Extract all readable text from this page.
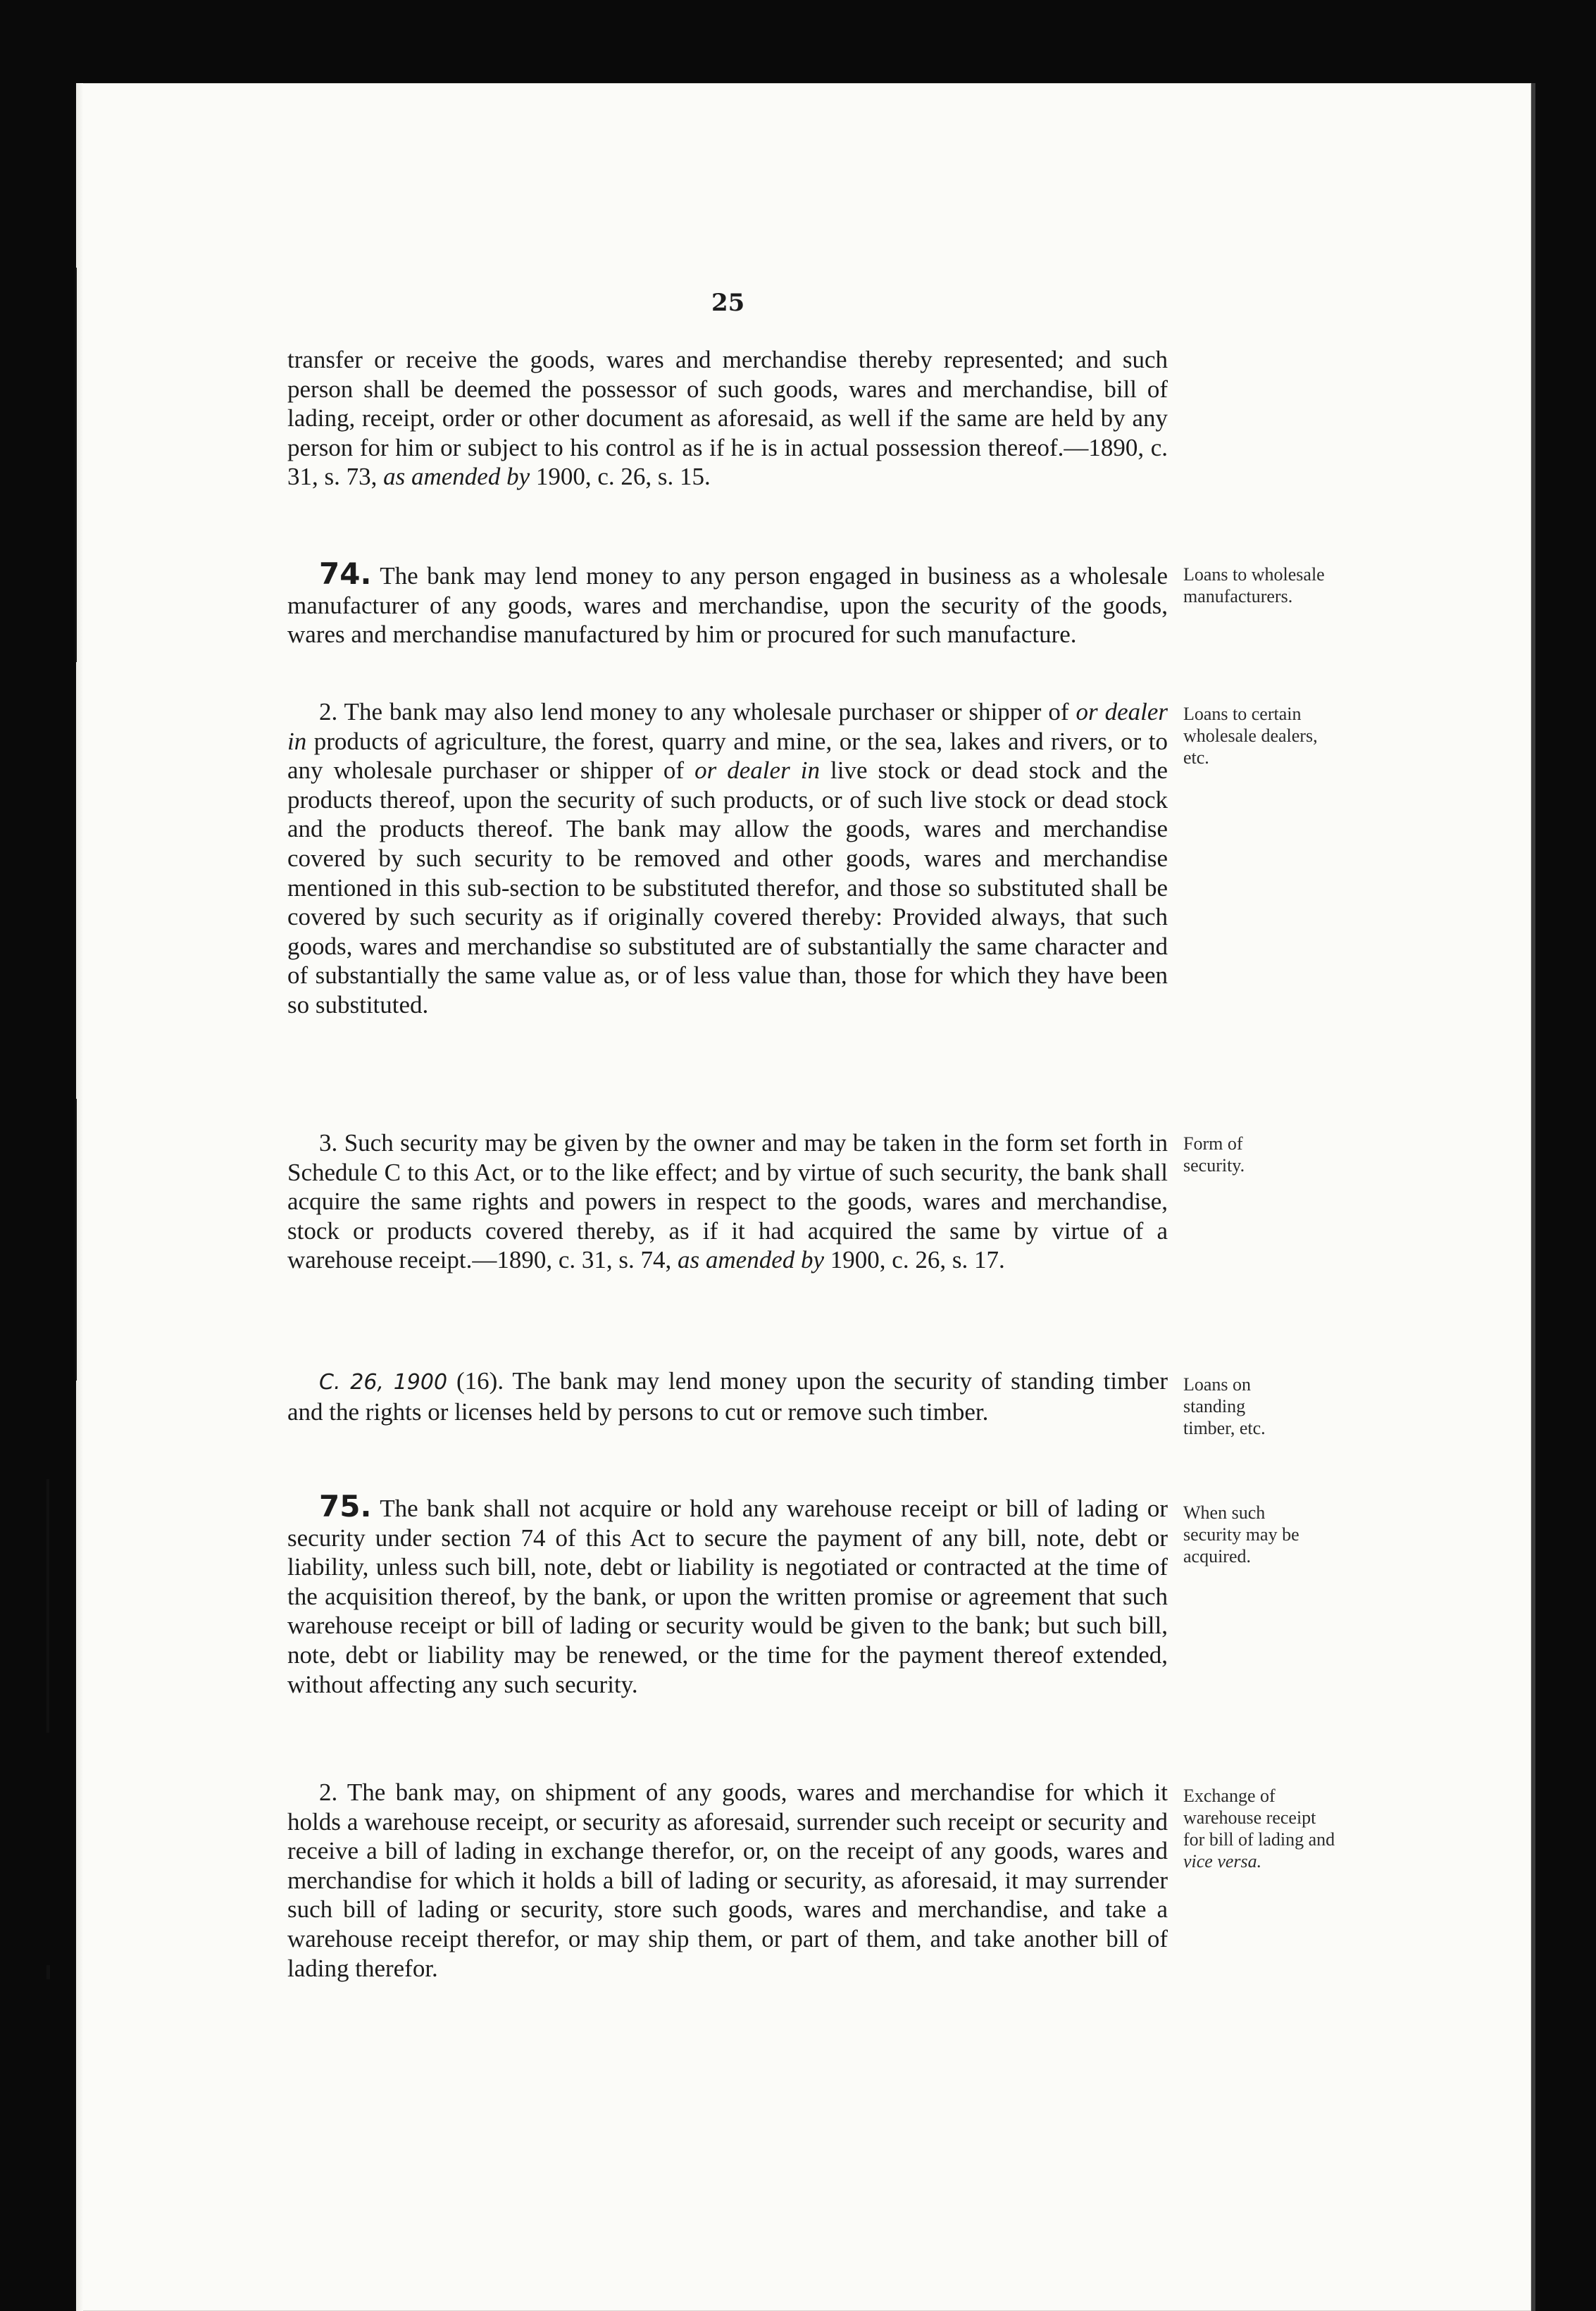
25

transfer or receive the goods, wares and merchandise thereby represented; and such person shall be deemed the possessor of such goods, wares and merchandise, bill of lading, receipt, order or other document as aforesaid, as well if the same are held by any person for him or subject to his control as if he is in actual possession thereof.—1890, c. 31, s. 73, as amended by 1900, c. 26, s. 15.

74. The bank may lend money to any person engaged in business as a wholesale manufacturer of any goods, wares and merchandise, upon the security of the goods, wares and merchandise manufactured by him or procured for such manufacture.

2. The bank may also lend money to any wholesale purchaser or shipper of or dealer in products of agriculture, the forest, quarry and mine, or the sea, lakes and rivers, or to any wholesale purchaser or shipper of or dealer in live stock or dead stock and the products thereof, upon the security of such products, or of such live stock or dead stock and the products thereof. The bank may allow the goods, wares and merchandise covered by such security to be removed and other goods, wares and merchandise mentioned in this sub-section to be substituted therefor, and those so substituted shall be covered by such security as if originally covered thereby: Provided always, that such goods, wares and merchandise so substituted are of substantially the same character and of substantially the same value as, or of less value than, those for which they have been so substituted.

3. Such security may be given by the owner and may be taken in the form set forth in Schedule C to this Act, or to the like effect; and by virtue of such security, the bank shall acquire the same rights and powers in respect to the goods, wares and merchandise, stock or products covered thereby, as if it had acquired the same by virtue of a warehouse receipt.—1890, c. 31, s. 74, as amended by 1900, c. 26, s. 17.

C. 26, 1900 (16). The bank may lend money upon the security of standing timber and the rights or licenses held by persons to cut or remove such timber.

75. The bank shall not acquire or hold any warehouse receipt or bill of lading or security under section 74 of this Act to secure the payment of any bill, note, debt or liability, unless such bill, note, debt or liability is negotiated or contracted at the time of the acquisition thereof, by the bank, or upon the written promise or agreement that such warehouse receipt or bill of lading or security would be given to the bank; but such bill, note, debt or liability may be renewed, or the time for the payment thereof extended, without affecting any such security.

2. The bank may, on shipment of any goods, wares and merchandise for which it holds a warehouse receipt, or security as aforesaid, surrender such receipt or security and receive a bill of lading in exchange therefor, or, on the receipt of any goods, wares and merchandise for which it holds a bill of lading or security, as aforesaid, it may surrender such bill of lading or security, store such goods, wares and merchandise, and take a warehouse receipt therefor, or may ship them, or part of them, and take another bill of lading therefor.

Loans to wholesale manufacturers.
Loans to certain wholesale dealers, etc.
Form of security.
Loans on standing timber, etc.
When such security may be acquired.
Exchange of warehouse receipt for bill of lading and vice versa.
